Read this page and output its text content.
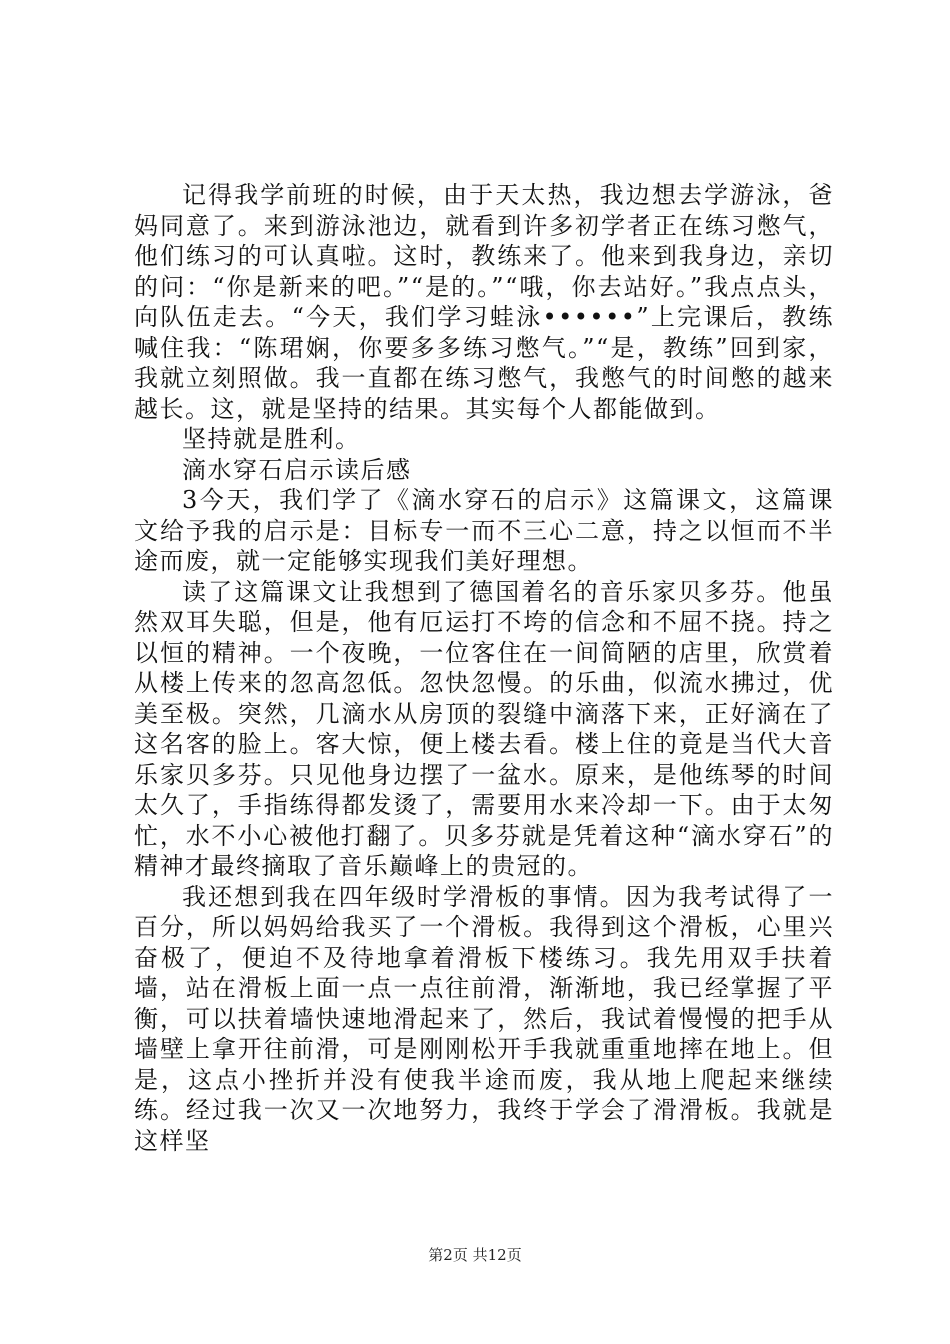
记得我学前班的时候，由于天太热，我边想去学游泳，爸妈同意了。来到游泳池边，就看到许多初学者正在练习憋气，他们练习的可认真啦。这时，教练来了。他来到我身边，亲切的问：“你是新来的吧。”“是的。”“哦，你去站好。”我点点头，向队伍走去。“今天，我们学习蛙泳••••••”上完课后，教练喊住我：“陈珺娴，你要多多练习憋气。”“是，教练”回到家，我就立刻照做。我一直都在练习憋气，我憋气的时间憋的越来越长。这，就是坚持的结果。其实每个人都能做到。

坚持就是胜利。

滴水穿石启示读后感

3今天，我们学了《滴水穿石的启示》这篇课文，这篇课文给予我的启示是：目标专一而不三心二意，持之以恒而不半途而废，就一定能够实现我们美好理想。

读了这篇课文让我想到了德国着名的音乐家贝多芬。他虽然双耳失聪，但是，他有厄运打不垮的信念和不屈不挠。持之以恒的精神。一个夜晚，一位客住在一间简陋的店里，欣赏着从楼上传来的忽高忽低。忽快忽慢。的乐曲，似流水拂过，优美至极。突然，几滴水从房顶的裂缝中滴落下来，正好滴在了这名客的脸上。客大惊，便上楼去看。楼上住的竟是当代大音乐家贝多芬。只见他身边摆了一盆水。原来，是他练琴的时间太久了，手指练得都发烫了，需要用水来冷却一下。由于太匆忙，水不小心被他打翻了。贝多芬就是凭着这种“滴水穿石”的精神才最终摘取了音乐巅峰上的贵冠的。

我还想到我在四年级时学滑板的事情。因为我考试得了一百分，所以妈妈给我买了一个滑板。我得到这个滑板，心里兴奋极了，便迫不及待地拿着滑板下楼练习。我先用双手扶着墙，站在滑板上面一点一点往前滑，渐渐地，我已经掌握了平衡，可以扶着墙快速地滑起来了，然后，我试着慢慢的把手从墙壁上拿开往前滑，可是刚刚松开手我就重重地摔在地上。但是，这点小挫折并没有使我半途而废，我从地上爬起来继续练。经过我一次又一次地努力，我终于学会了滑滑板。我就是这样坚

第2页 共12页
